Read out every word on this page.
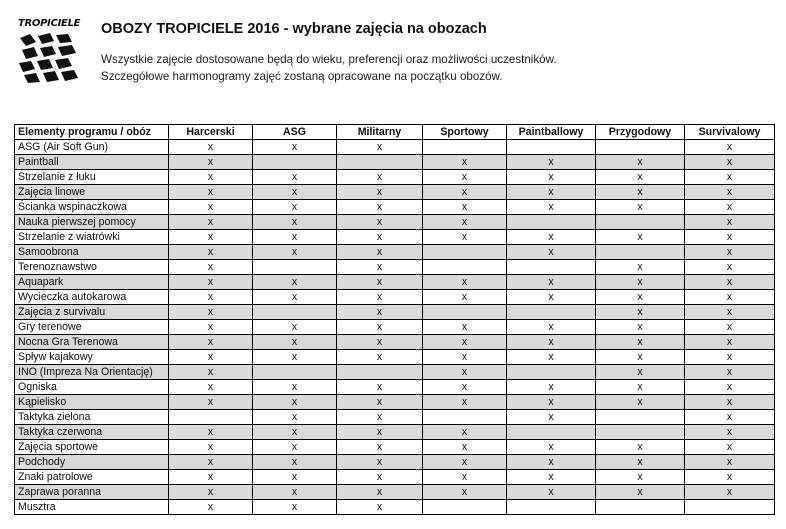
TROPICIELE OBOZY TROPICIELE 2016 - wybrane zajęcia na obozach
Wszystkie zajęcie dostosowane będą do wieku, preferencji oraz możliwości uczestników.
Szczegółowe harmonogramy zajęć zostaną opracowane na początku obozów.
Elementy programu / obóz	Harcerski	ASG	Militarny	Sportowy	Paintballowy	Przygodowy	Survivalowy
ASG (Air Soft Gun)	x	x	x				x
Paintball	x			x	x	x	x
Strzelanie z łuku	x	x	x	x	x	x	x
Zajęcia linowe	x	x	x	x	x	x	x
Ścianka wspinaczkowa	x	x	x	x	x	x	x
Nauka pierwszej pomocy	x	x	x	x			x
Strzelanie z wiatrówki	x	x	x	x	x	x	x
Samoobrona	x	x	x		x		x
Terenoznawstwo	x		x			x	x
Aquapark	x	x	x	x	x	x	x
Wycieczka autokarowa	x	x	x	x	x	x	x
Zajęcia z survivalu	x		x			x	x
Gry terenowe	x	x	x	x	x	x	x
Nocna Gra Terenowa	x	x	x	x	x	x	x
Spływ kajakowy	x	x	x	x	x	x	x
INO (Impreza Na Orientację)	x			x		x	x
Ogniska	x	x	x	x	x	x	x
Kąpielisko	x	x	x	x	x	x	x
Taktyka zielona		x	x		x		x
Taktyka czerwona	x	x	x	x			x
Zajęcia sportowe	x	x	x	x	x	x	x
Podchody	x	x	x	x	x	x	x
Znaki patrolowe	x	x	x	x	x	x	x
Zaprawa poranna	x	x	x	x	x	x	x
Musztra	x	x	x				
